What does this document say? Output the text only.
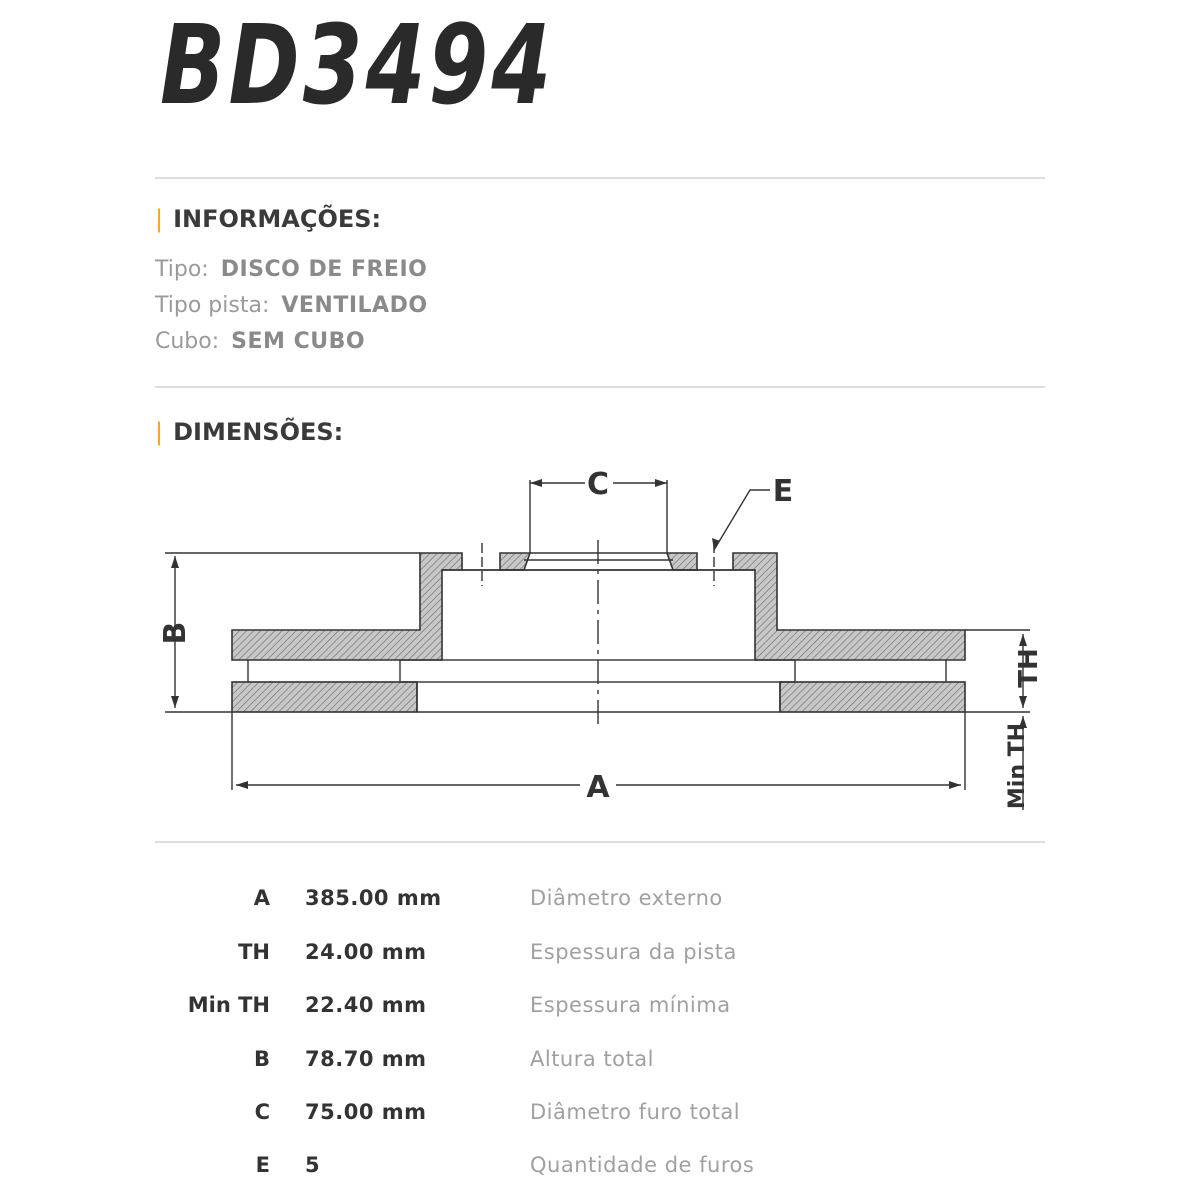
BD3494
| INFORMAÇÕES:
Tipo: DISCO DE FREIO
Tipo pista: VENTILADO
Cubo: SEM CUBO
| DIMENSÕES:
C	E
B
A
TH
Min TH
A 385.00 mm	Diâmetro externo
TH 24.00 mm	Espessura da pista
Min TH 22.40 mm	Espessura mínima
B 78.70 mm	Altura total
C 75.00 mm	Diâmetro furo total
E 5	Quantidade de furos
